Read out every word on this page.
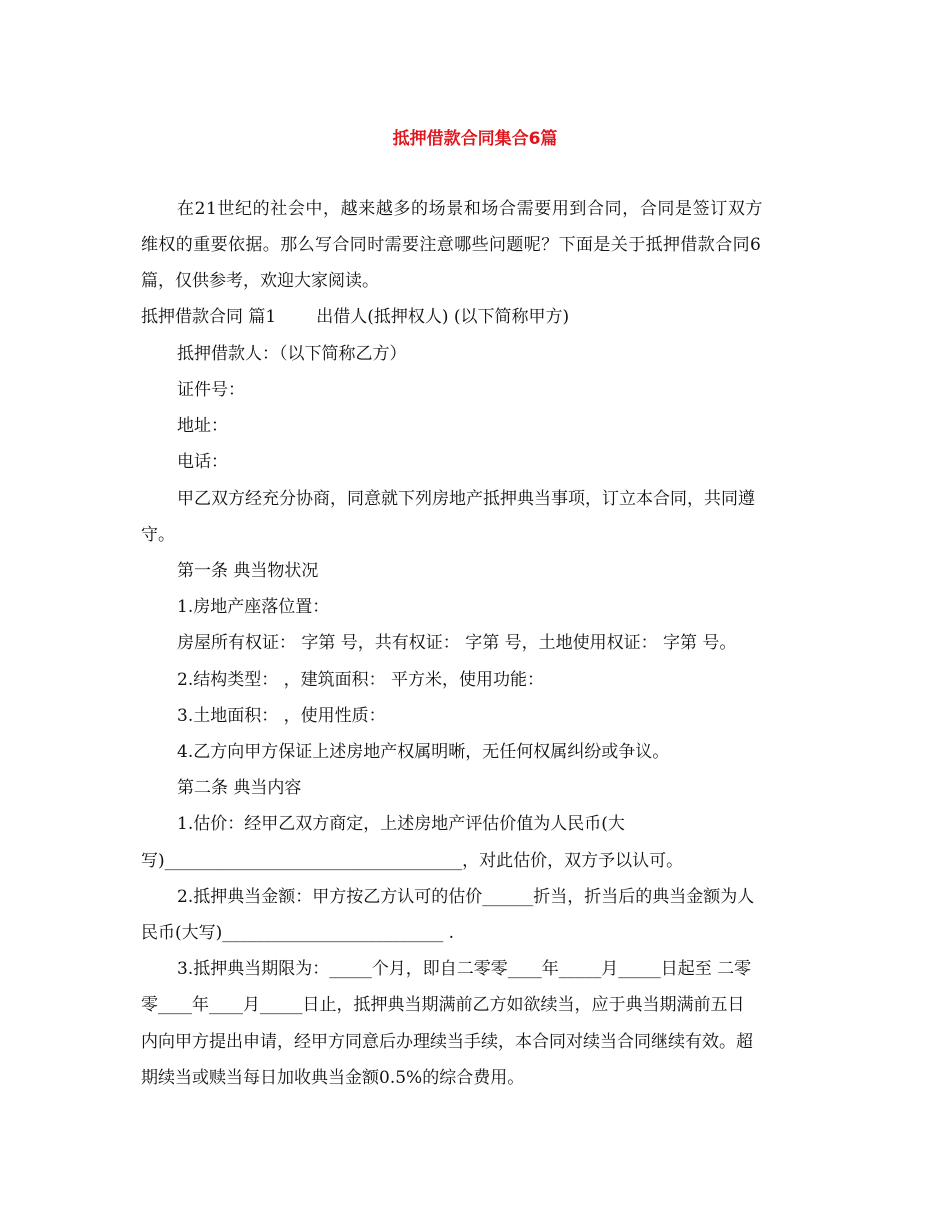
抵押借款合同集合6篇
在21世纪的社会中，越来越多的场景和场合需要用到合同，合同是签订双方
维权的重要依据。那么写合同时需要注意哪些问题呢？下面是关于抵押借款合同6
篇，仅供参考，欢迎大家阅读。
抵押借款合同 篇1 出借人(抵押权人) (以下简称甲方)
抵押借款人：（以下简称乙方）
证件号：
地址：
电话：
甲乙双方经充分协商，同意就下列房地产抵押典当事项，订立本合同，共同遵
守。
第一条 典当物状况
1.房地产座落位置：
房屋所有权证： 字第 号，共有权证： 字第 号，土地使用权证： 字第 号。
2.结构类型： ，建筑面积： 平方米，使用功能：
3.土地面积： ，使用性质：
4.乙方向甲方保证上述房地产权属明晰，无任何权属纠纷或争议。
第二条 典当内容
1.估价：经甲乙双方商定，上述房地产评估价值为人民币(大
写)___________________________________，对此估价，双方予以认可。
2.抵押典当金额：甲方按乙方认可的估价______折当，折当后的典当金额为人
民币(大写)__________________________ .
3.抵押典当期限为：_____个月，即自二零零____年_____月_____日起至 二零
零____年____月_____日止，抵押典当期满前乙方如欲续当，应于典当期满前五日
内向甲方提出申请，经甲方同意后办理续当手续，本合同对续当合同继续有效。超
期续当或赎当每日加收典当金额0.5%的综合费用。
